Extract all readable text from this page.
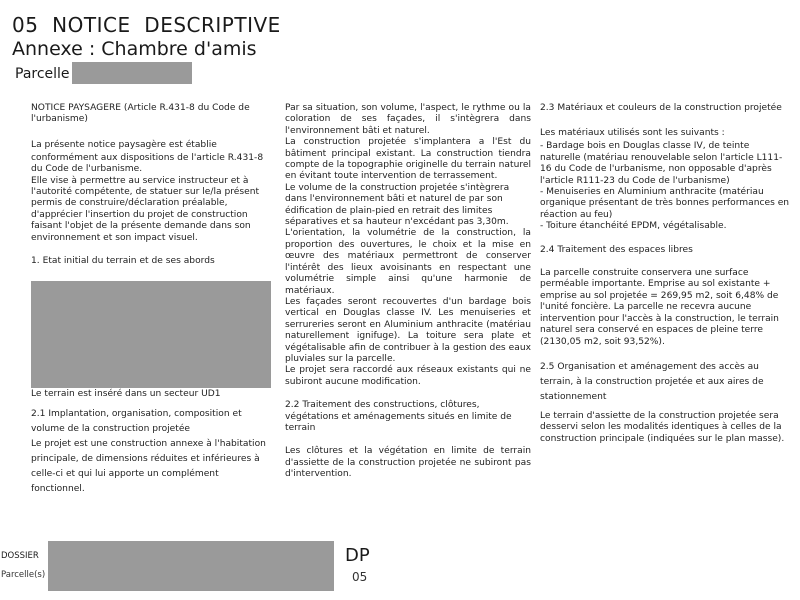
05  NOTICE  DESCRIPTIVE
Annexe : Chambre d'amis
Parcelle

NOTICE PAYSAGERE (Article R.431-8 du Code de l'urbanisme)

La présente notice paysagère est établie

conformément aux dispositions de l'article R.431-8 du Code de l'urbanisme.

Elle vise à permettre au service instructeur et à l'autorité compétente, de statuer sur le/la présent permis de construire/déclaration préalable, d'apprécier l'insertion du projet de construction faisant l'objet de la présente demande dans son environnement et son impact visuel.

1. Etat initial du terrain et de ses abords

Le terrain est inséré dans un secteur UD1

2.1 Implantation, organisation, composition et volume de la construction projetée

Le projet est une construction annexe à l'habitation principale, de dimensions réduites et inférieures à celle-ci et qui lui apporte un complément fonctionnel.

Par sa situation, son volume, l'aspect, le rythme ou la coloration de ses façades, il s'intègrera dans l'environnement bâti et naturel.

La construction projetée s'implantera a l'Est du bâtiment principal existant. La construction tiendra compte de la topographie originelle du terrain naturel en évitant toute intervention de terrassement.

Le volume de la construction projetée s'intègrera dans l'environnement bâti et naturel de par son édification de plain-pied en retrait des limites séparatives et sa hauteur n'excédant pas 3,30m.

L'orientation, la volumétrie de la construction, la proportion des ouvertures, le choix et la mise en œuvre des matériaux permettront de conserver l'intérêt des lieux avoisinants en respectant une volumétrie simple ainsi qu'une harmonie de matériaux.

Les façades seront recouvertes d'un bardage bois vertical en Douglas classe IV. Les menuiseries et serrureries seront en Aluminium anthracite (matériau naturellement ignifuge). La toiture sera plate et végétalisable afin de contribuer à la gestion des eaux pluviales sur la parcelle.

Le projet sera raccordé aux réseaux existants qui ne subiront aucune modification.

2.2 Traitement des constructions, clôtures, végétations et aménagements situés en limite de terrain

Les clôtures et la végétation en limite de terrain d'assiette de la construction projetée ne subiront pas d'intervention.

2.3 Matériaux et couleurs de la construction projetée

Les matériaux utilisés sont les suivants :

- Bardage bois en Douglas classe IV, de teinte naturelle (matériau renouvelable selon l'article L111-16 du Code de l'urbanisme, non opposable d'après l'article R111-23 du Code de l'urbanisme)

- Menuiseries en Aluminium anthracite (matériau organique présentant de très bonnes performances en réaction au feu)

- Toiture étanchéité EPDM, végétalisable.

2.4 Traitement des espaces libres

La parcelle construite conservera une surface perméable importante. Emprise au sol existante + emprise au sol projetée = 269,95 m2, soit 6,48% de l'unité foncière. La parcelle ne recevra aucune intervention pour l'accès à la construction, le terrain naturel sera conservé en espaces de pleine terre (2130,05 m2, soit 93,52%).

2.5 Organisation et aménagement des accès au terrain, à la construction projetée et aux aires de stationnement

Le terrain d'assiette de la construction projetée sera desservi selon les modalités identiques à celles de la construction principale (indiquées sur le plan masse).

DOSSIER
Parcelle(s)
DP
05
